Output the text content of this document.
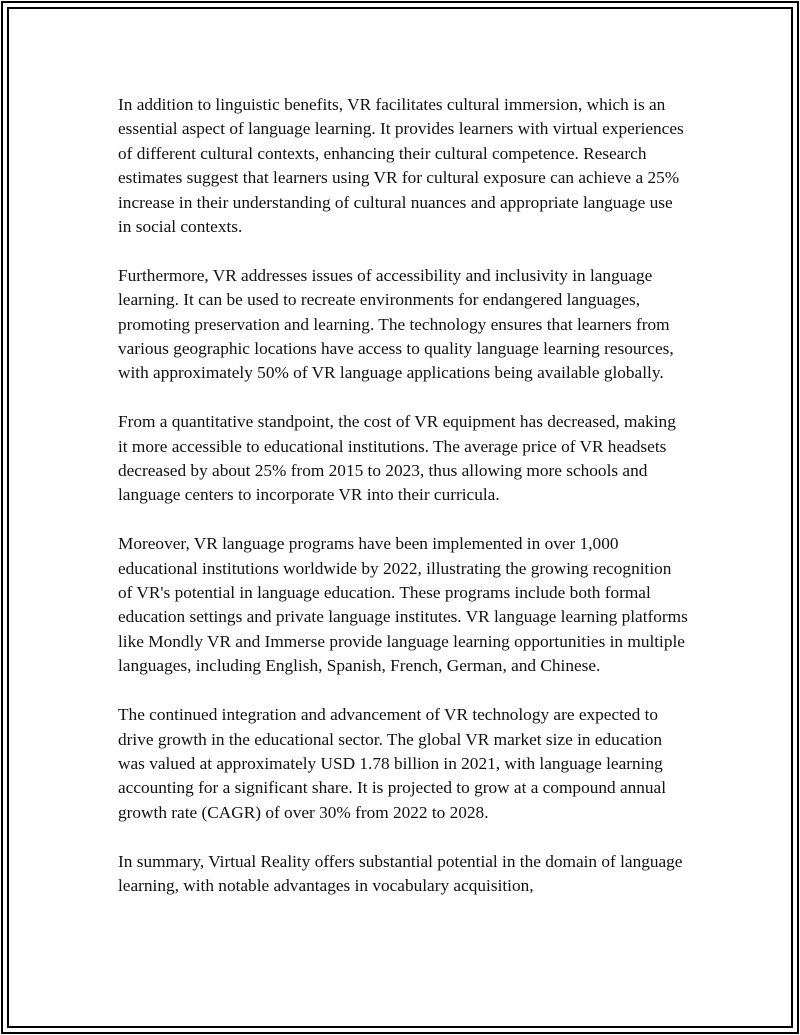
In addition to linguistic benefits, VR facilitates cultural immersion, which is an essential aspect of language learning. It provides learners with virtual experiences of different cultural contexts, enhancing their cultural competence. Research estimates suggest that learners using VR for cultural exposure can achieve a 25% increase in their understanding of cultural nuances and appropriate language use in social contexts.

Furthermore, VR addresses issues of accessibility and inclusivity in language learning. It can be used to recreate environments for endangered languages, promoting preservation and learning. The technology ensures that learners from various geographic locations have access to quality language learning resources, with approximately 50% of VR language applications being available globally.

From a quantitative standpoint, the cost of VR equipment has decreased, making it more accessible to educational institutions. The average price of VR headsets decreased by about 25% from 2015 to 2023, thus allowing more schools and language centers to incorporate VR into their curricula.

Moreover, VR language programs have been implemented in over 1,000 educational institutions worldwide by 2022, illustrating the growing recognition of VR's potential in language education. These programs include both formal education settings and private language institutes. VR language learning platforms like Mondly VR and Immerse provide language learning opportunities in multiple languages, including English, Spanish, French, German, and Chinese.

The continued integration and advancement of VR technology are expected to drive growth in the educational sector. The global VR market size in education was valued at approximately USD 1.78 billion in 2021, with language learning accounting for a significant share. It is projected to grow at a compound annual growth rate (CAGR) of over 30% from 2022 to 2028.

In summary, Virtual Reality offers substantial potential in the domain of language learning, with notable advantages in vocabulary acquisition,
